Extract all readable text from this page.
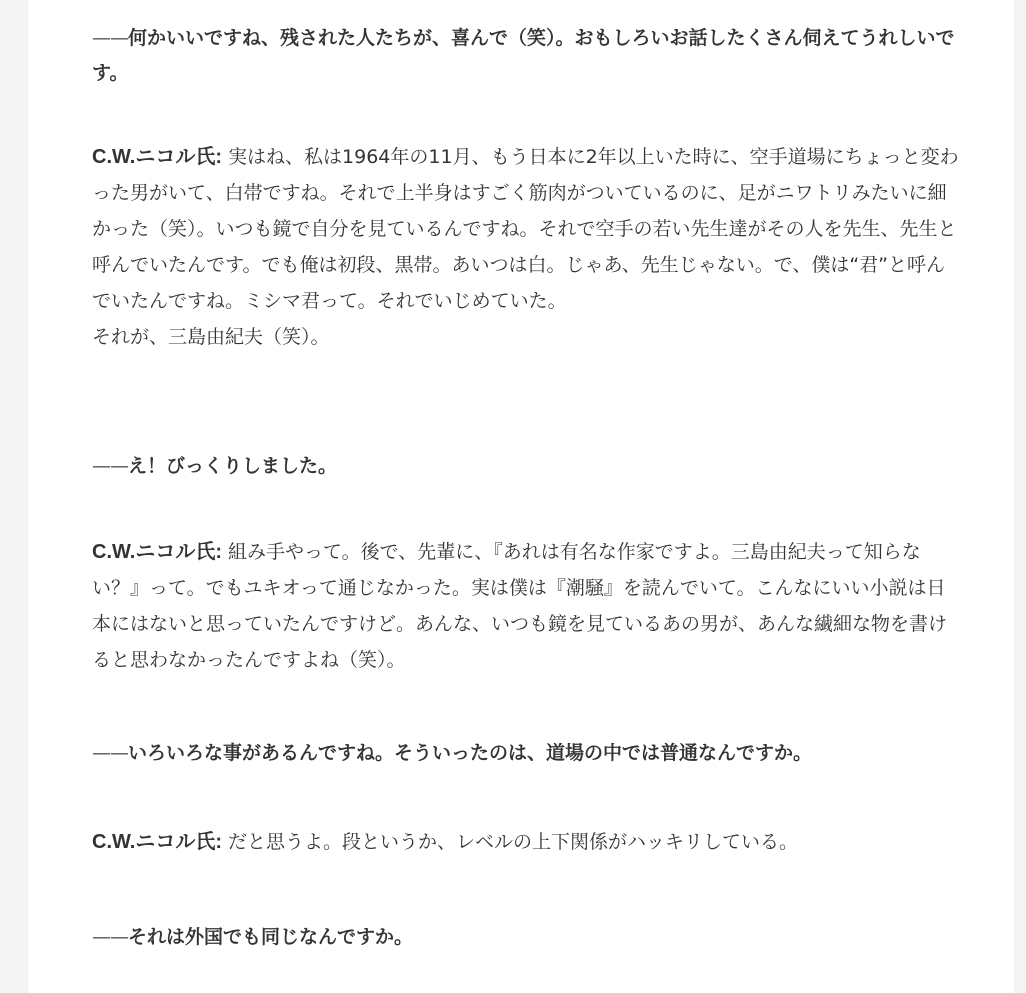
——何かいいですね、残された人たちが、喜んで（笑）。おもしろいお話したくさん伺えてうれしいです。

C.W.ニコル氏: 実はね、私は1964年の11月、もう日本に2年以上いた時に、空手道場にちょっと変わった男がいて、白帯ですね。それで上半身はすごく筋肉がついているのに、足がニワトリみたいに細かった（笑）。いつも鏡で自分を見ているんですね。それで空手の若い先生達がその人を先生、先生と呼んでいたんです。でも俺は初段、黒帯。あいつは白。じゃあ、先生じゃない。で、僕は“君”と呼んでいたんですね。ミシマ君って。それでいじめていた。

それが、三島由紀夫（笑）。

——え！びっくりしました。

C.W.ニコル氏: 組み手やって。後で、先輩に、『あれは有名な作家ですよ。三島由紀夫って知らない？』って。でもユキオって通じなかった。実は僕は『潮騒』を読んでいて。こんなにいい小説は日本にはないと思っていたんですけど。あんな、いつも鏡を見ているあの男が、あんな繊細な物を書けると思わなかったんですよね（笑）。

——いろいろな事があるんですね。そういったのは、道場の中では普通なんですか。

C.W.ニコル氏: だと思うよ。段というか、レベルの上下関係がハッキリしている。

——それは外国でも同じなんですか。
